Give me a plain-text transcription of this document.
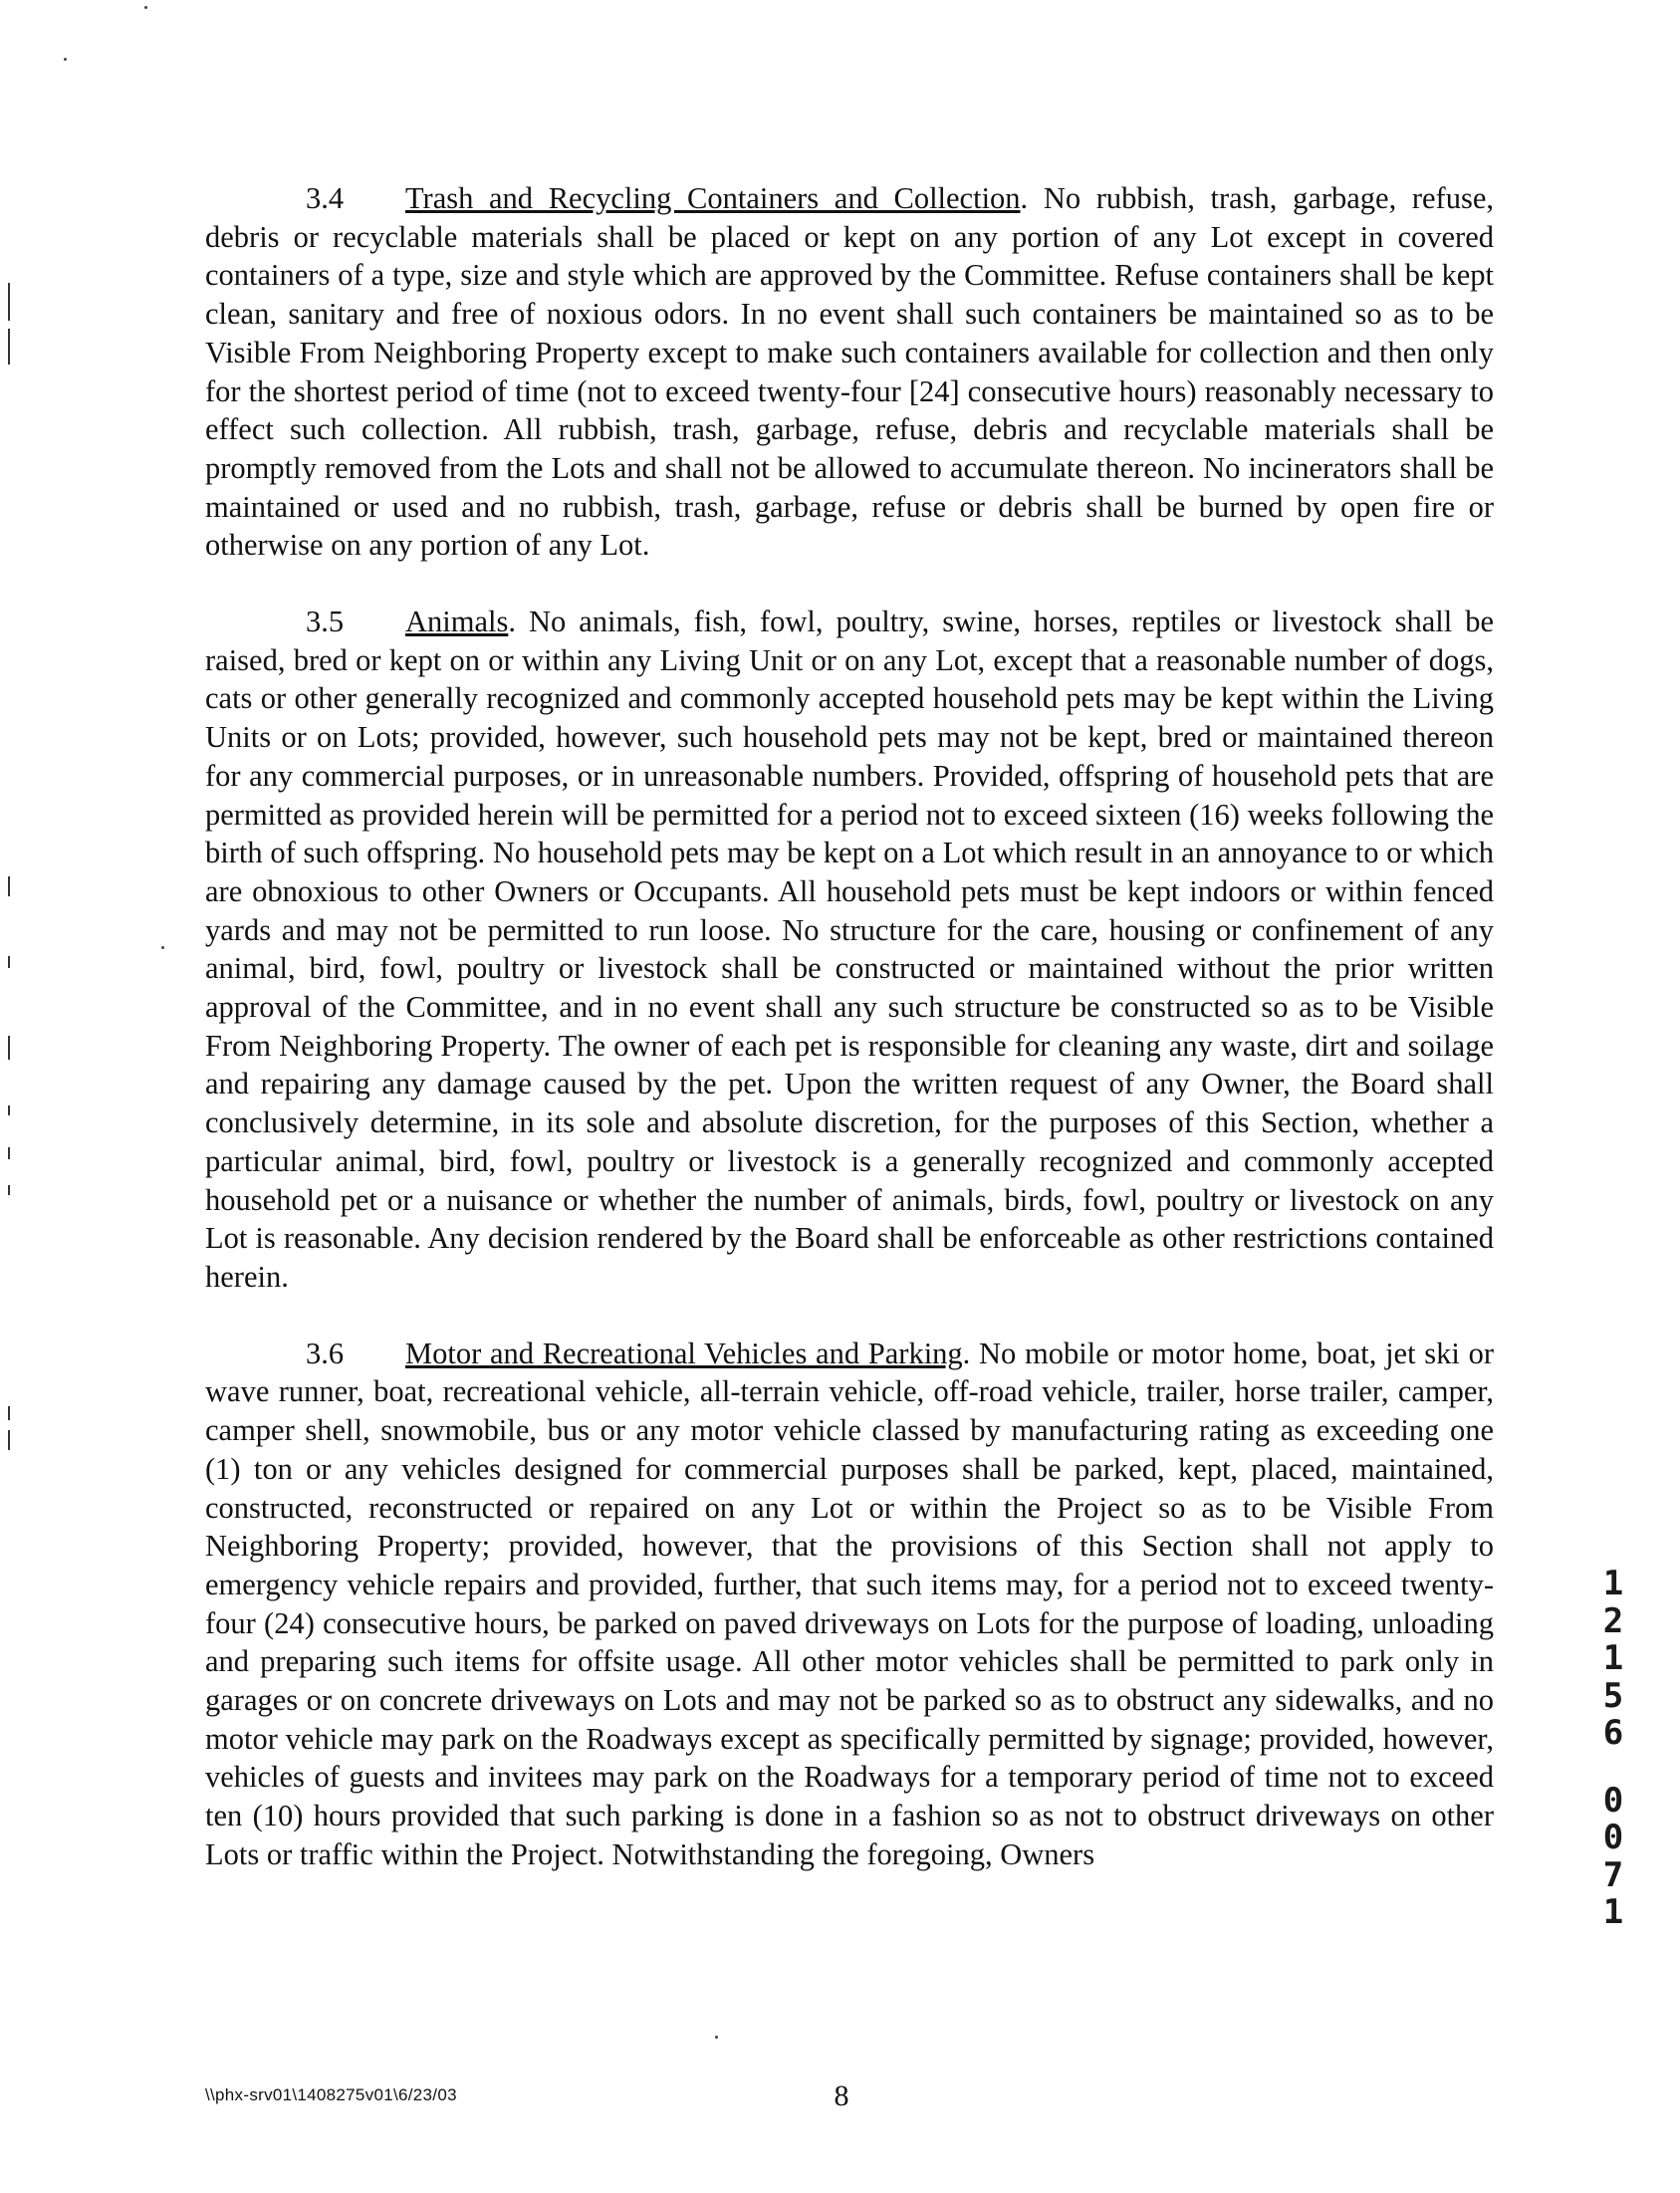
3.4 Trash and Recycling Containers and Collection. No rubbish, trash, garbage, refuse, debris or recyclable materials shall be placed or kept on any portion of any Lot except in covered containers of a type, size and style which are approved by the Committee. Refuse containers shall be kept clean, sanitary and free of noxious odors. In no event shall such containers be maintained so as to be Visible From Neighboring Property except to make such containers available for collection and then only for the shortest period of time (not to exceed twenty-four [24] consecutive hours) reasonably necessary to effect such collection. All rubbish, trash, garbage, refuse, debris and recyclable materials shall be promptly removed from the Lots and shall not be allowed to accumulate thereon. No incinerators shall be maintained or used and no rubbish, trash, garbage, refuse or debris shall be burned by open fire or otherwise on any portion of any Lot.

3.5 Animals. No animals, fish, fowl, poultry, swine, horses, reptiles or livestock shall be raised, bred or kept on or within any Living Unit or on any Lot, except that a reasonable number of dogs, cats or other generally recognized and commonly accepted household pets may be kept within the Living Units or on Lots; provided, however, such household pets may not be kept, bred or maintained thereon for any commercial purposes, or in unreasonable numbers. Provided, offspring of household pets that are permitted as provided herein will be permitted for a period not to exceed sixteen (16) weeks following the birth of such offspring. No household pets may be kept on a Lot which result in an annoyance to or which are obnoxious to other Owners or Occupants. All household pets must be kept indoors or within fenced yards and may not be permitted to run loose. No structure for the care, housing or confinement of any animal, bird, fowl, poultry or livestock shall be constructed or maintained without the prior written approval of the Committee, and in no event shall any such structure be constructed so as to be Visible From Neighboring Property. The owner of each pet is responsible for cleaning any waste, dirt and soilage and repairing any damage caused by the pet. Upon the written request of any Owner, the Board shall conclusively determine, in its sole and absolute discretion, for the purposes of this Section, whether a particular animal, bird, fowl, poultry or livestock is a generally recognized and commonly accepted household pet or a nuisance or whether the number of animals, birds, fowl, poultry or livestock on any Lot is reasonable. Any decision rendered by the Board shall be enforceable as other restrictions contained herein.

3.6 Motor and Recreational Vehicles and Parking. No mobile or motor home, boat, jet ski or wave runner, boat, recreational vehicle, all-terrain vehicle, off-road vehicle, trailer, horse trailer, camper, camper shell, snowmobile, bus or any motor vehicle classed by manufacturing rating as exceeding one (1) ton or any vehicles designed for commercial purposes shall be parked, kept, placed, maintained, constructed, reconstructed or repaired on any Lot or within the Project so as to be Visible From Neighboring Property; provided, however, that the provisions of this Section shall not apply to emergency vehicle repairs and provided, further, that such items may, for a period not to exceed twenty-four (24) consecutive hours, be parked on paved driveways on Lots for the purpose of loading, unloading and preparing such items for offsite usage. All other motor vehicles shall be permitted to park only in garages or on concrete driveways on Lots and may not be parked so as to obstruct any sidewalks, and no motor vehicle may park on the Roadways except as specifically permitted by signage; provided, however, vehicles of guests and invitees may park on the Roadways for a temporary period of time not to exceed ten (10) hours provided that such parking is done in a fashion so as not to obstruct driveways on other Lots or traffic within the Project. Notwithstanding the foregoing, Owners

\\phx-srv01\1408275v01\6/23/03	8
1
2
1
5
6
0
0
7
1
